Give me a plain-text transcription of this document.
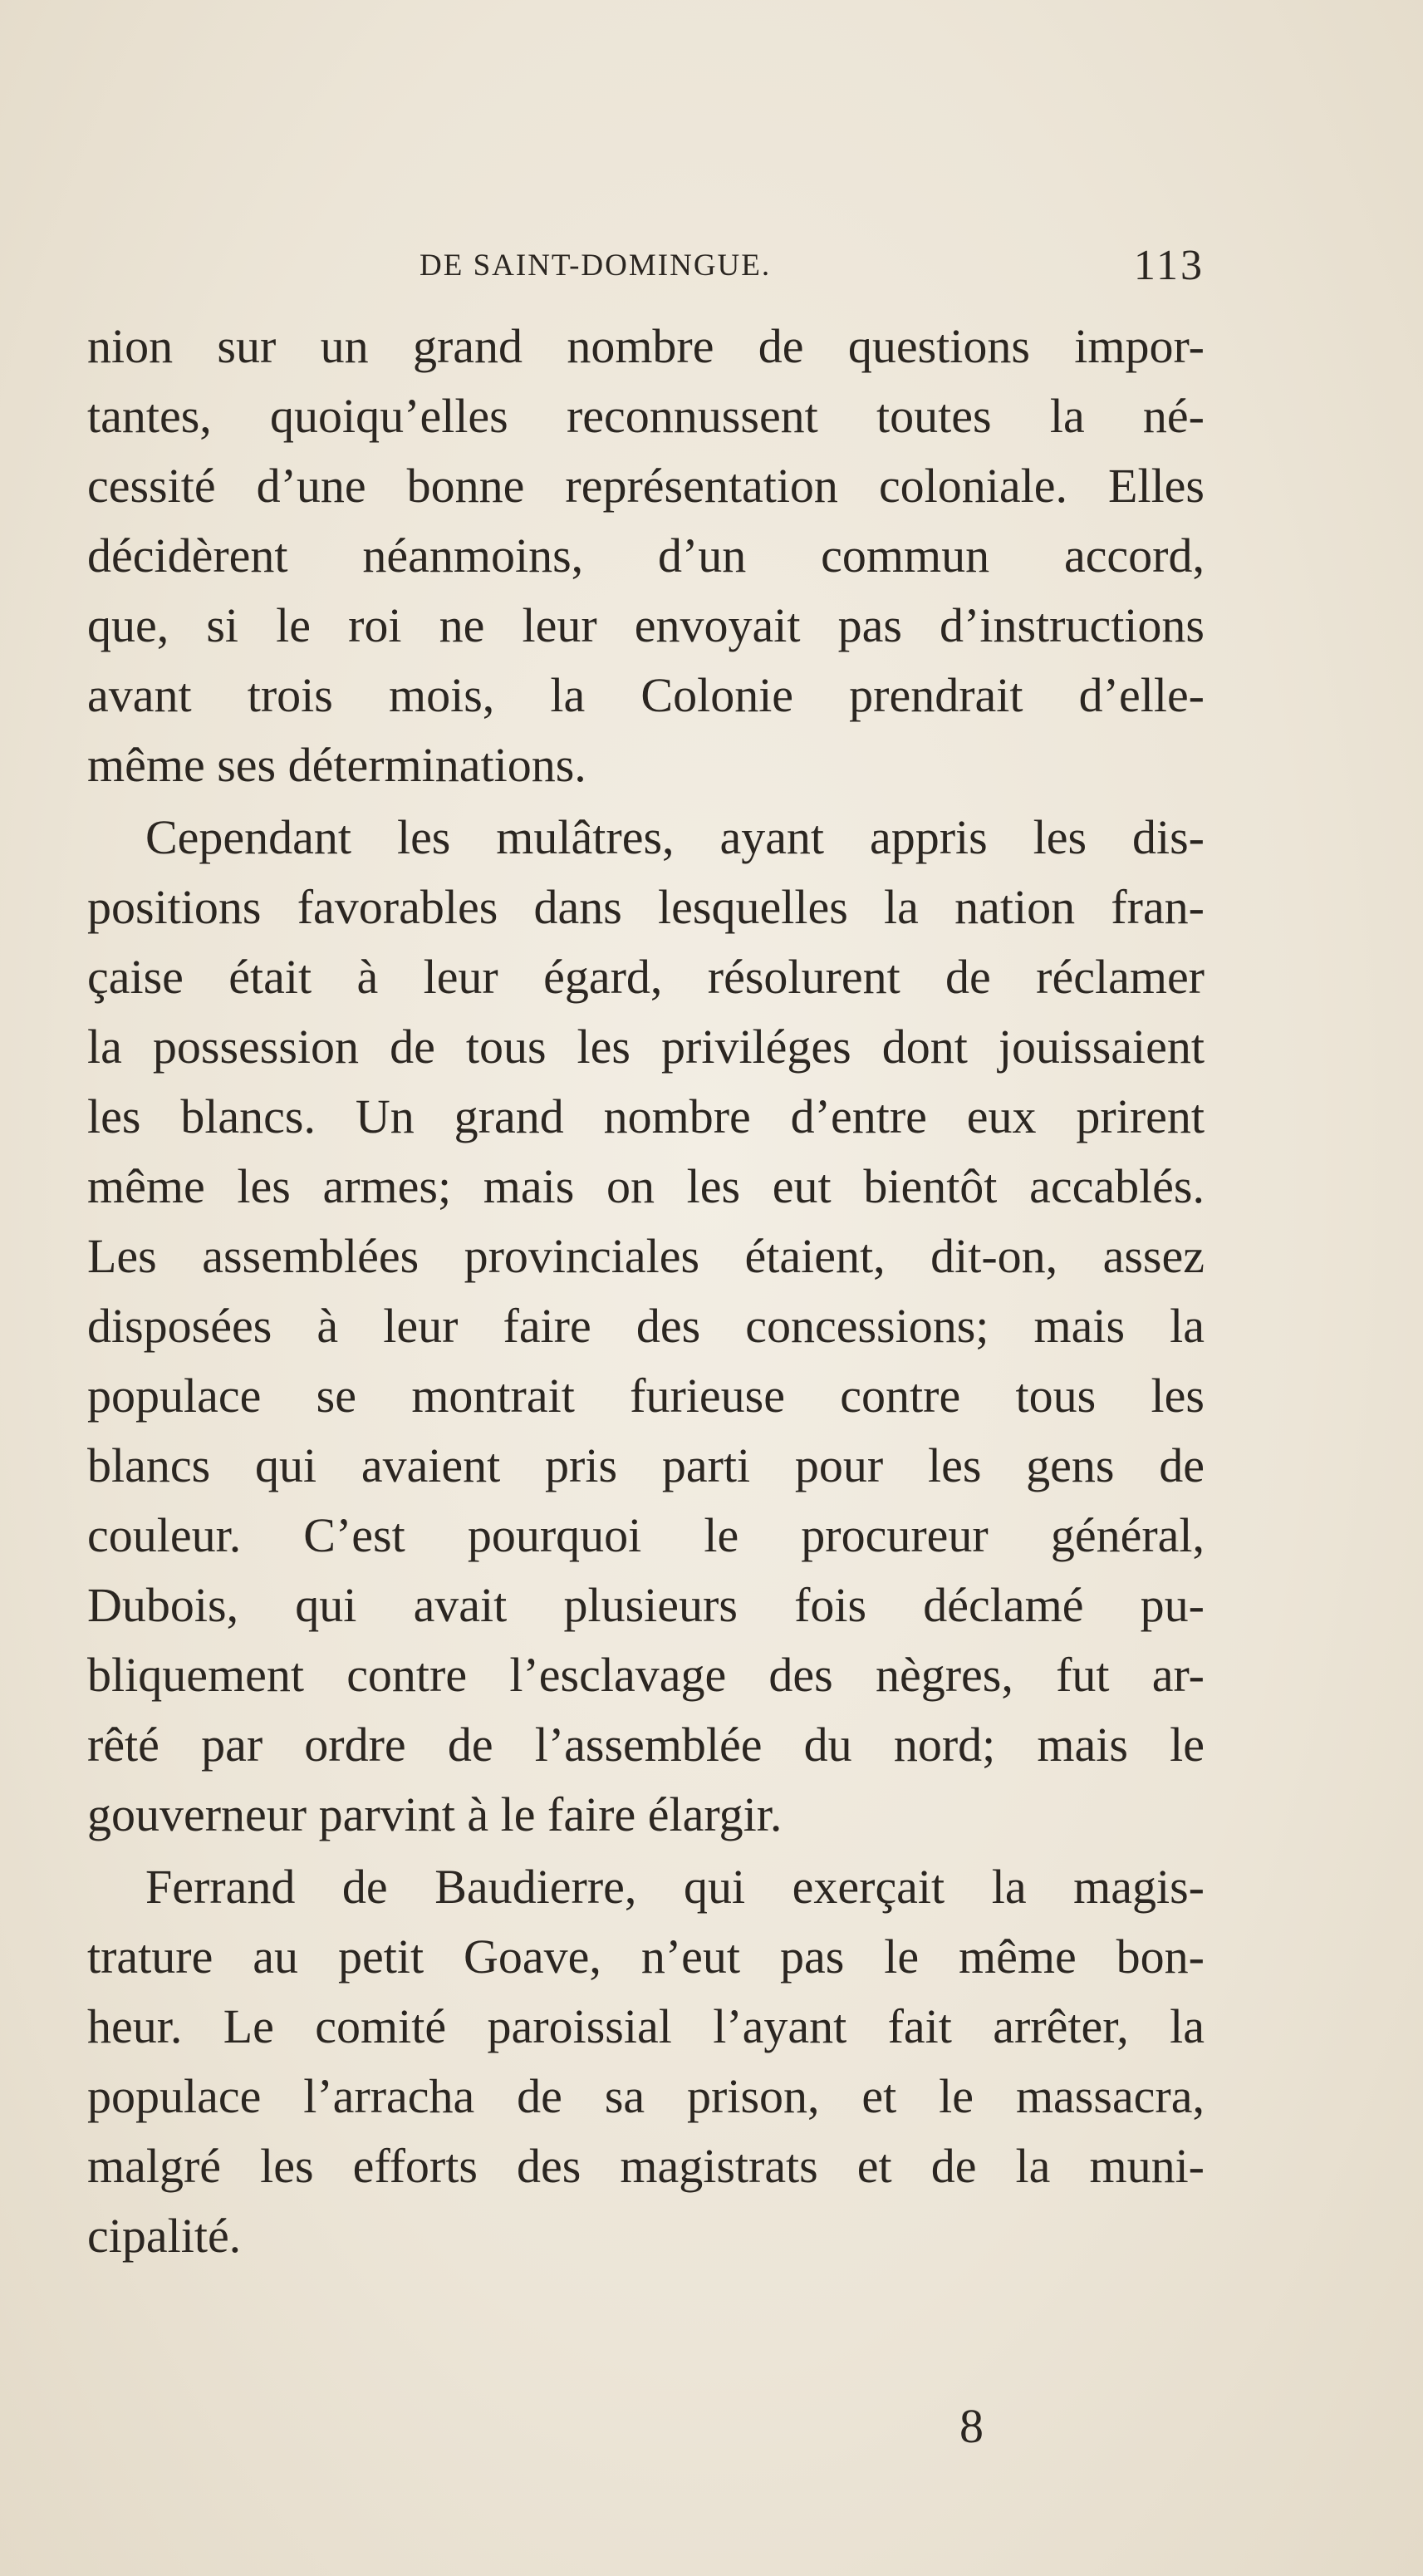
DE SAINT-DOMINGUE.	113
nion sur un grand nombre de questions impor-
tantes, quoiqu’elles reconnussent toutes la né-
cessité d’une bonne représentation coloniale. Elles
décidèrent néanmoins, d’un commun accord,
que, si le roi ne leur envoyait pas d’instructions
avant trois mois, la Colonie prendrait d’elle-
même ses déterminations.
Cependant les mulâtres, ayant appris les dis-
positions favorables dans lesquelles la nation fran-
çaise était à leur égard, résolurent de réclamer
la possession de tous les priviléges dont jouissaient
les blancs. Un grand nombre d’entre eux prirent
même les armes; mais on les eut bientôt accablés.
Les assemblées provinciales étaient, dit-on, assez
disposées à leur faire des concessions; mais la
populace se montrait furieuse contre tous les
blancs qui avaient pris parti pour les gens de
couleur. C’est pourquoi le procureur général,
Dubois, qui avait plusieurs fois déclamé pu-
bliquement contre l’esclavage des nègres, fut ar-
rêté par ordre de l’assemblée du nord; mais le
gouverneur parvint à le faire élargir.
Ferrand de Baudierre, qui exerçait la magis-
trature au petit Goave, n’eut pas le même bon-
heur. Le comité paroissial l’ayant fait arrêter, la
populace l’arracha de sa prison, et le massacra,
malgré les efforts des magistrats et de la muni-
cipalité.
8
